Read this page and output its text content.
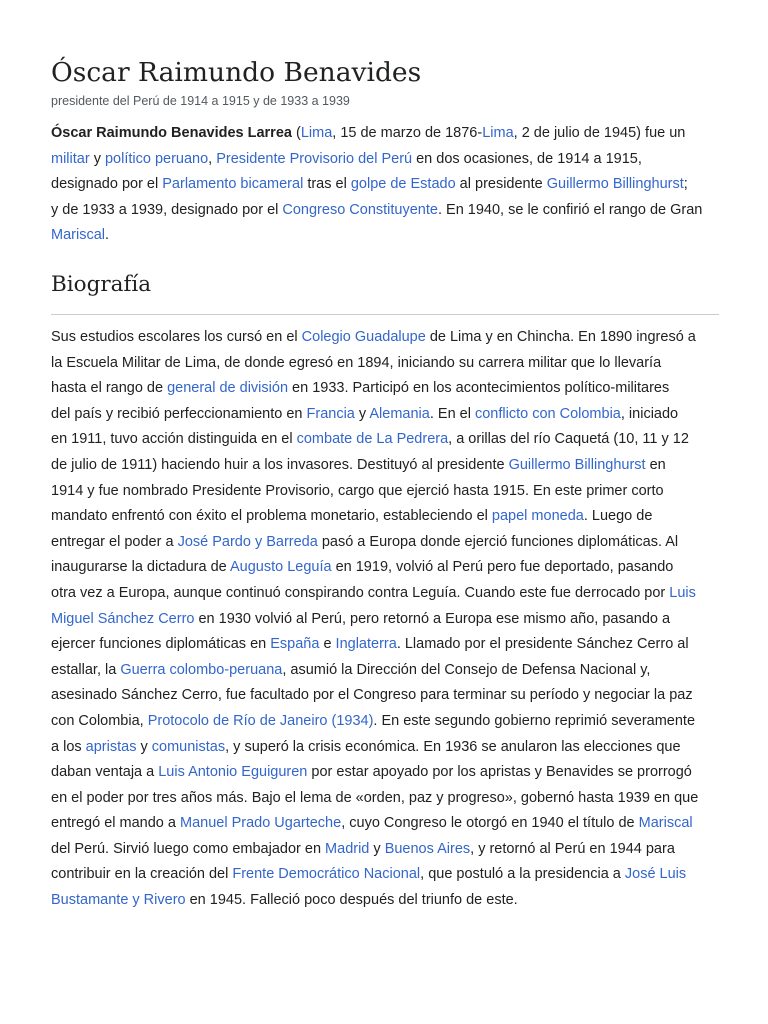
Óscar Raimundo Benavides
presidente del Perú de 1914 a 1915 y de 1933 a 1939
Óscar Raimundo Benavides Larrea (Lima, 15 de marzo de 1876-Lima, 2 de julio de 1945) fue un
militar y político peruano, Presidente Provisorio del Perú en dos ocasiones, de 1914 a 1915,
designado por el Parlamento bicameral tras el golpe de Estado al presidente Guillermo Billinghurst;
y de 1933 a 1939, designado por el Congreso Constituyente. En 1940, se le confirió el rango de Gran
Mariscal.
Biografía
Sus estudios escolares los cursó en el Colegio Guadalupe de Lima y en Chincha. En 1890 ingresó a
la Escuela Militar de Lima, de donde egresó en 1894, iniciando su carrera militar que lo llevaría
hasta el rango de general de división en 1933. Participó en los acontecimientos político-militares
del país y recibió perfeccionamiento en Francia y Alemania. En el conflicto con Colombia, iniciado
en 1911, tuvo acción distinguida en el combate de La Pedrera, a orillas del río Caquetá (10, 11 y 12
de julio de 1911) haciendo huir a los invasores. Destituyó al presidente Guillermo Billinghurst en
1914 y fue nombrado Presidente Provisorio, cargo que ejerció hasta 1915. En este primer corto
mandato enfrentó con éxito el problema monetario, estableciendo el papel moneda. Luego de
entregar el poder a José Pardo y Barreda pasó a Europa donde ejerció funciones diplomáticas. Al
inaugurarse la dictadura de Augusto Leguía en 1919, volvió al Perú pero fue deportado, pasando
otra vez a Europa, aunque continuó conspirando contra Leguía. Cuando este fue derrocado por Luis
Miguel Sánchez Cerro en 1930 volvió al Perú, pero retornó a Europa ese mismo año, pasando a
ejercer funciones diplomáticas en España e Inglaterra. Llamado por el presidente Sánchez Cerro al
estallar, la Guerra colombo-peruana, asumió la Dirección del Consejo de Defensa Nacional y,
asesinado Sánchez Cerro, fue facultado por el Congreso para terminar su período y negociar la paz
con Colombia, Protocolo de Río de Janeiro (1934). En este segundo gobierno reprimió severamente
a los apristas y comunistas, y superó la crisis económica. En 1936 se anularon las elecciones que
daban ventaja a Luis Antonio Eguiguren por estar apoyado por los apristas y Benavides se prorrogó
en el poder por tres años más. Bajo el lema de «orden, paz y progreso», gobernó hasta 1939 en que
entregó el mando a Manuel Prado Ugarteche, cuyo Congreso le otorgó en 1940 el título de Mariscal
del Perú. Sirvió luego como embajador en Madrid y Buenos Aires, y retornó al Perú en 1944 para
contribuir en la creación del Frente Democrático Nacional, que postuló a la presidencia a José Luis
Bustamante y Rivero en 1945. Falleció poco después del triunfo de este.
